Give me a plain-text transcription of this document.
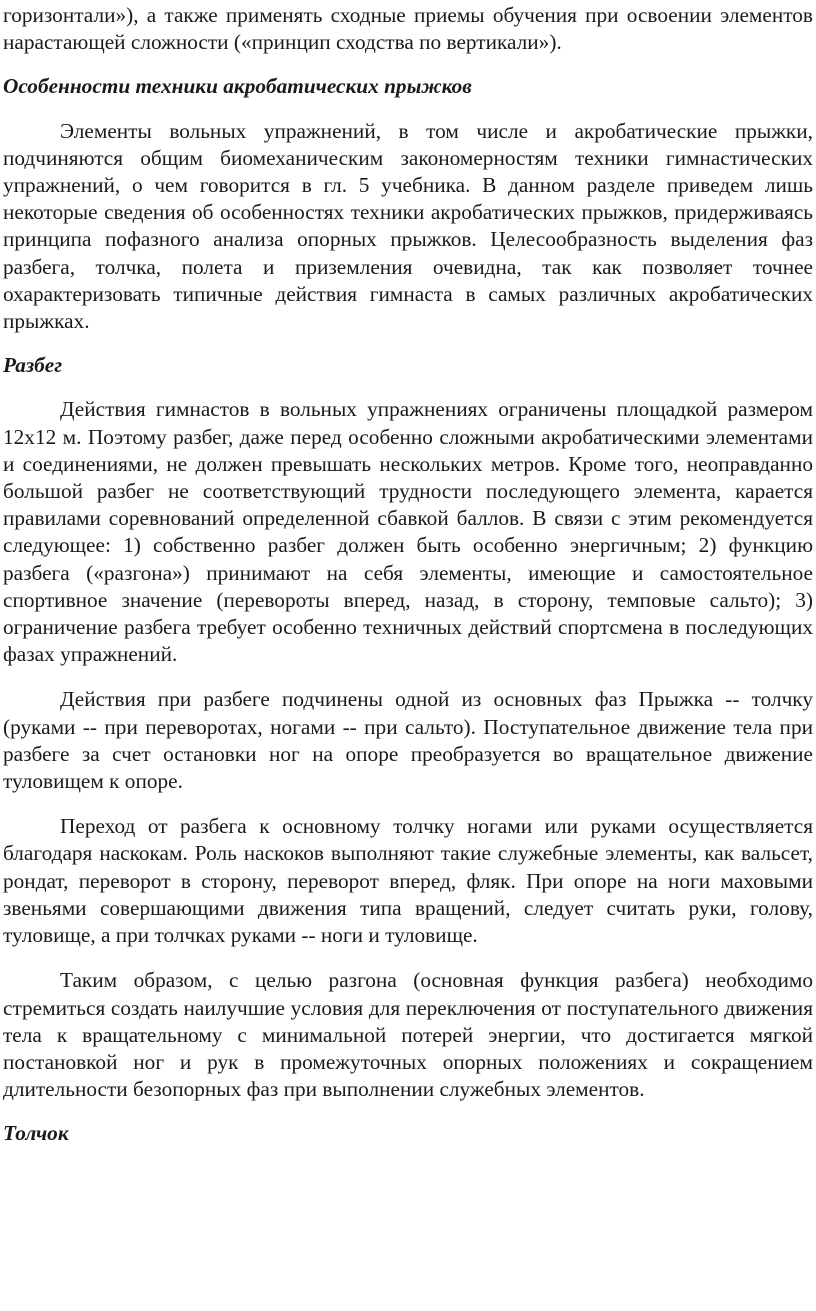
горизонтали»), а также применять сходные приемы обучения при освоении элементов нарастающей сложности («принцип сходства по вертикали»).

Особенности техники акробатических прыжков

Элементы вольных упражнений, в том числе и акробатические прыжки, подчиняются общим биомеханическим закономерностям техники гимнастических упражнений, о чем говорится в гл. 5 учебника. В данном разделе приведем лишь некоторые сведения об особенностях техники акробатических прыжков, придерживаясь принципа пофазного анализа опорных прыжков. Целесообразность выделения фаз разбега, толчка, полета и приземления очевидна, так как позволяет точнее охарактеризовать типичные действия гимнаста в самых различных акробатических прыжках.

Разбег

Действия гимнастов в вольных упражнениях ограничены площадкой размером 12х12 м. Поэтому разбег, даже перед особенно сложными акробатическими элементами и соединениями, не должен превышать нескольких метров. Кроме того, неоправданно большой разбег не соответствующий трудности последующего элемента, карается правилами соревнований определенной сбавкой баллов. В связи с этим рекомендуется следующее: 1) собственно разбег должен быть особенно энергичным; 2) функцию разбега («разгона») принимают на себя элементы, имеющие и самостоятельное спортивное значение (перевороты вперед, назад, в сторону, темповые сальто); 3) ограничение разбега требует особенно техничных действий спортсмена в последующих фазах упражнений.

Действия при разбеге подчинены одной из основных фаз Прыжка -- толчку (руками -- при переворотах, ногами -- при сальто). Поступательное движение тела при разбеге за счет остановки ног на опоре преобразуется во вращательное движение туловищем к опоре.

Переход от разбега к основному толчку ногами или руками осуществляется благодаря наскокам. Роль наскоков выполняют такие служебные элементы, как вальсет, рондат, переворот в сторону, переворот вперед, фляк. При опоре на ноги маховыми звеньями совершающими движения типа вращений, следует считать руки, голову, туловище, а при толчках руками -- ноги и туловище.

Таким образом, с целью разгона (основная функция разбега) необходимо стремиться создать наилучшие условия для переключения от поступательного движения тела к вращательному с минимальной потерей энергии, что достигается мягкой постановкой ног и рук в промежуточных опорных положениях и сокращением длительности безопорных фаз при выполнении служебных элементов.

Толчок
